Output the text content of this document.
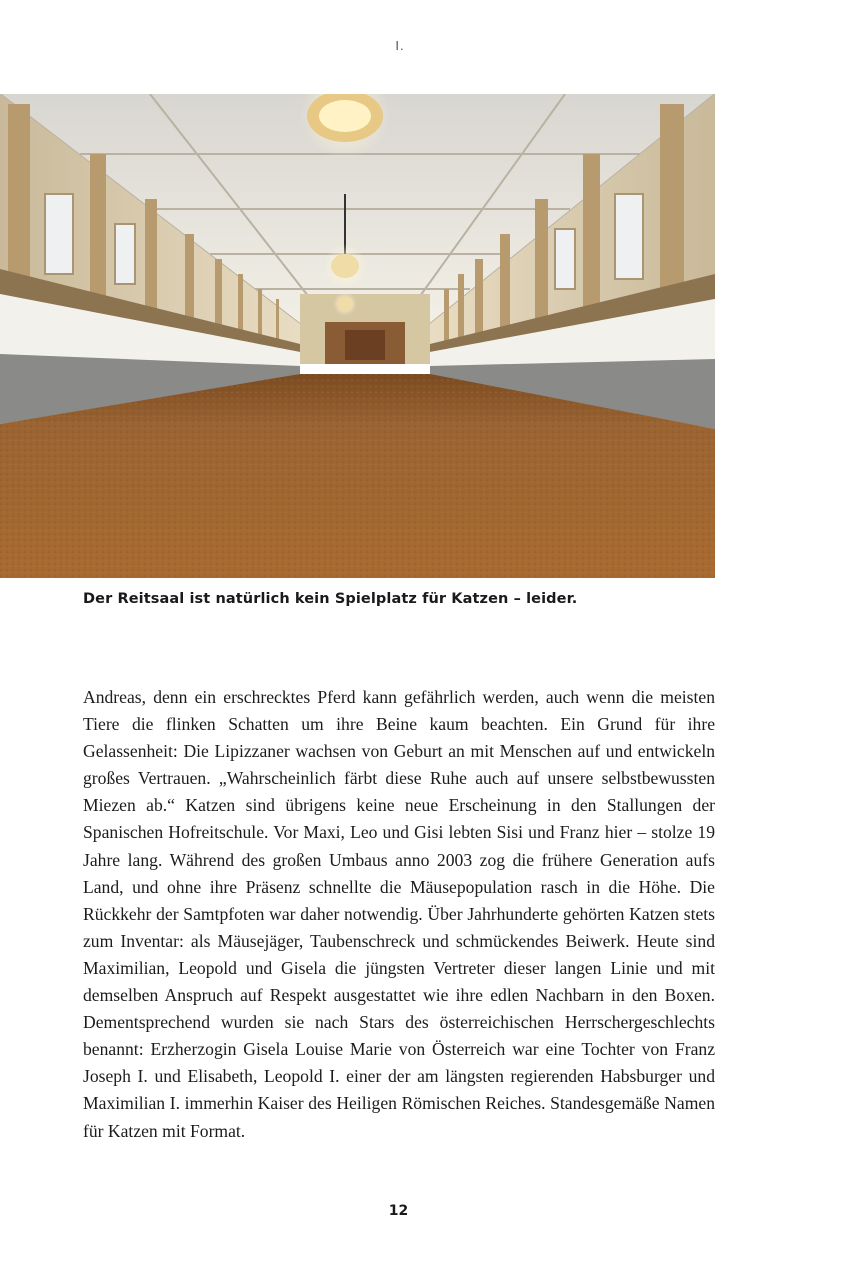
I.
Der Reitsaal ist natürlich kein Spielplatz für Katzen – leider.

Andreas, denn ein erschrecktes Pferd kann gefährlich werden, auch wenn die meisten Tiere die flinken Schatten um ihre Beine kaum beachten. Ein Grund für ihre Gelassenheit: Die Lipizzaner wachsen von Geburt an mit Menschen auf und entwickeln großes Vertrauen. „Wahrscheinlich färbt diese Ruhe auch auf unsere selbstbewussten Miezen ab.“ Katzen sind übrigens keine neue Erscheinung in den Stallungen der Spanischen Hofreitschule. Vor Maxi, Leo und Gisi lebten Sisi und Franz hier – stolze 19 Jahre lang. Während des großen Umbaus anno 2003 zog die frühere Generation aufs Land, und ohne ihre Präsenz schnellte die Mäusepopulation rasch in die Höhe. Die Rückkehr der Samtpfoten war daher notwendig. Über Jahrhunderte gehörten Katzen stets zum Inventar: als Mäusejäger, Taubenschreck und schmückendes Beiwerk. Heute sind Maximilian, Leopold und Gisela die jüngsten Vertreter dieser langen Linie und mit demselben Anspruch auf Respekt ausgestattet wie ihre edlen Nachbarn in den Boxen. Dementsprechend wurden sie nach Stars des österreichischen Herrschergeschlechts benannt: Erzherzogin Gisela Louise Marie von Österreich war eine Tochter von Franz Joseph I. und Elisabeth, Leopold I. einer der am längsten regierenden Habsburger und Maximilian I. immerhin Kaiser des Heiligen Römischen Reiches. Standesgemäße Namen für Katzen mit Format.

12
